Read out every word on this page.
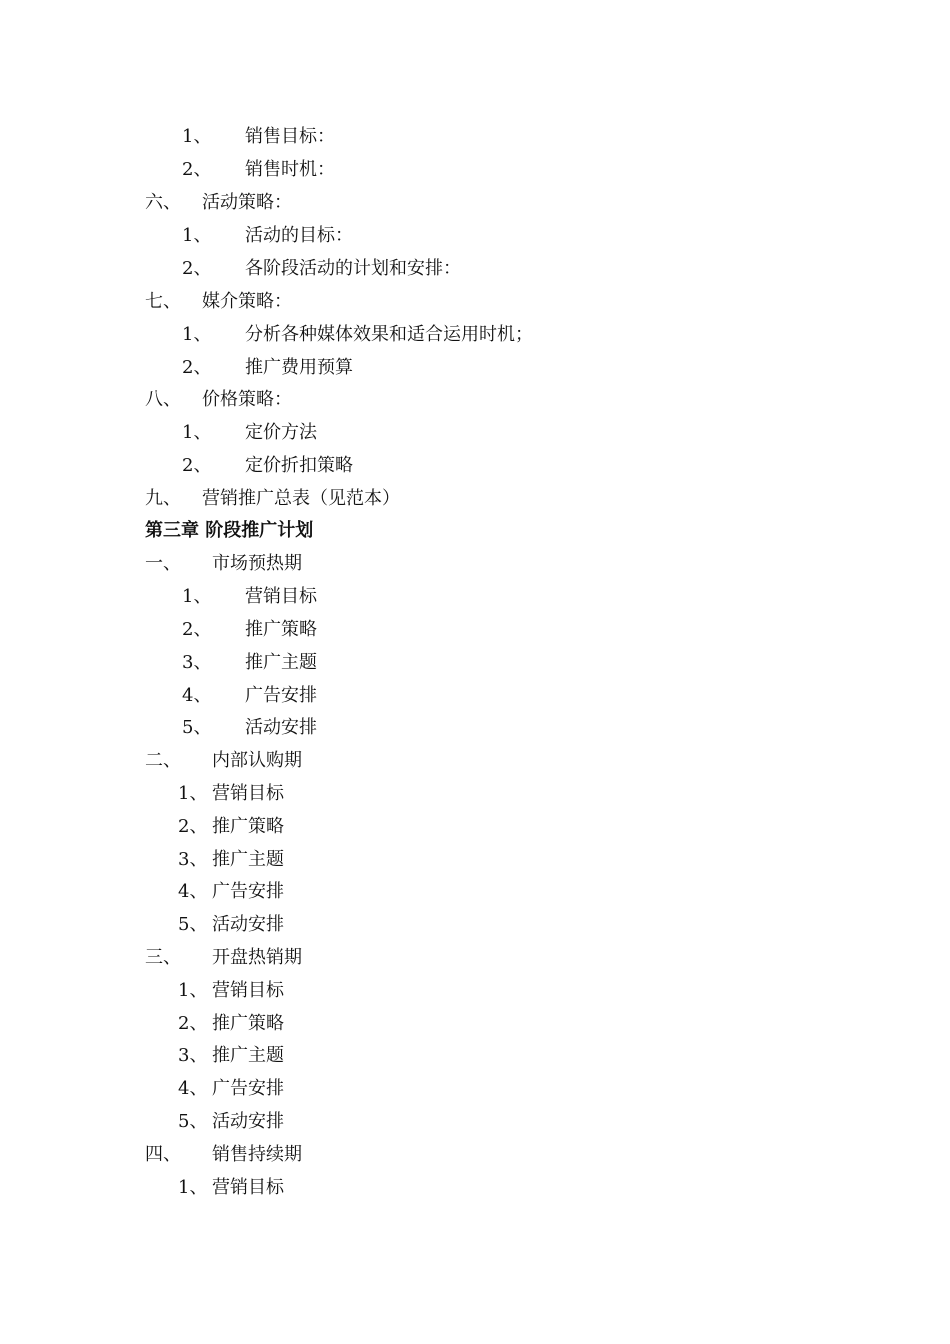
1、 销售目标：
2、 销售时机：
六、 活动策略：
1、 活动的目标：
2、 各阶段活动的计划和安排：
七、 媒介策略：
1、 分析各种媒体效果和适合运用时机；
2、 推广费用预算
八、 价格策略：
1、 定价方法
2、 定价折扣策略
九、 营销推广总表（见范本）
第三章 阶段推广计划
一、 市场预热期
1、 营销目标
2、 推广策略
3、 推广主题
4、 广告安排
5、 活动安排
二、 内部认购期
1、 营销目标
2、 推广策略
3、 推广主题
4、 广告安排
5、 活动安排
三、 开盘热销期
1、 营销目标
2、 推广策略
3、 推广主题
4、 广告安排
5、 活动安排
四、 销售持续期
1、 营销目标
